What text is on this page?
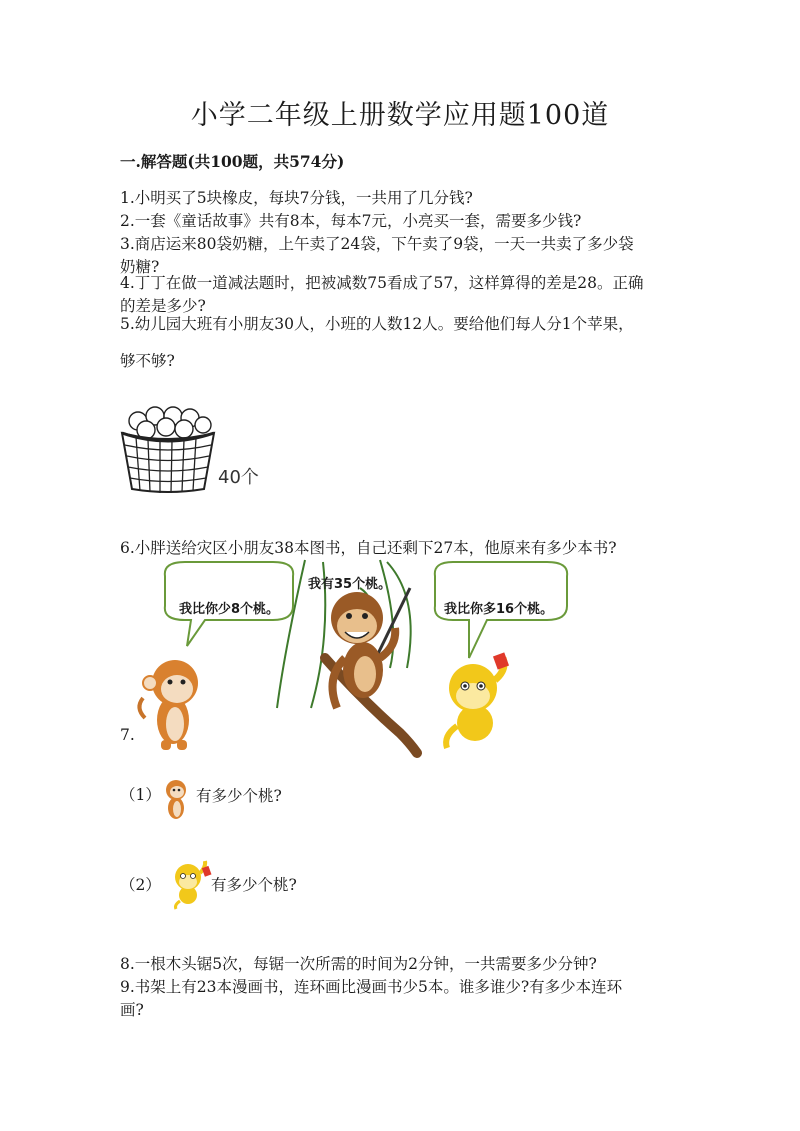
小学二年级上册数学应用题100道
一.解答题(共100题，共574分)
1.小明买了5块橡皮，每块7分钱，一共用了几分钱?
2.一套《童话故事》共有8本，每本7元，小亮买一套，需要多少钱?
3.商店运来80袋奶糖，上午卖了24袋，下午卖了9袋，一天一共卖了多少袋
奶糖?
4.丁丁在做一道减法题时，把被减数75看成了57，这样算得的差是28。正确
的差是多少?
5.幼儿园大班有小朋友30人，小班的人数12人。要给他们每人分1个苹果，
够不够?
40个
6.小胖送给灾区小朋友38本图书，自己还剩下27本，他原来有多少本书?
我比你少8个桃。
我有35个桃。
我比你多16个桃。
7.
（1） 有多少个桃?
（2）	有多少个桃?
8.一根木头锯5次，每锯一次所需的时间为2分钟，一共需要多少分钟?
9.书架上有23本漫画书，连环画比漫画书少5本。谁多谁少?有多少本连环
画?
